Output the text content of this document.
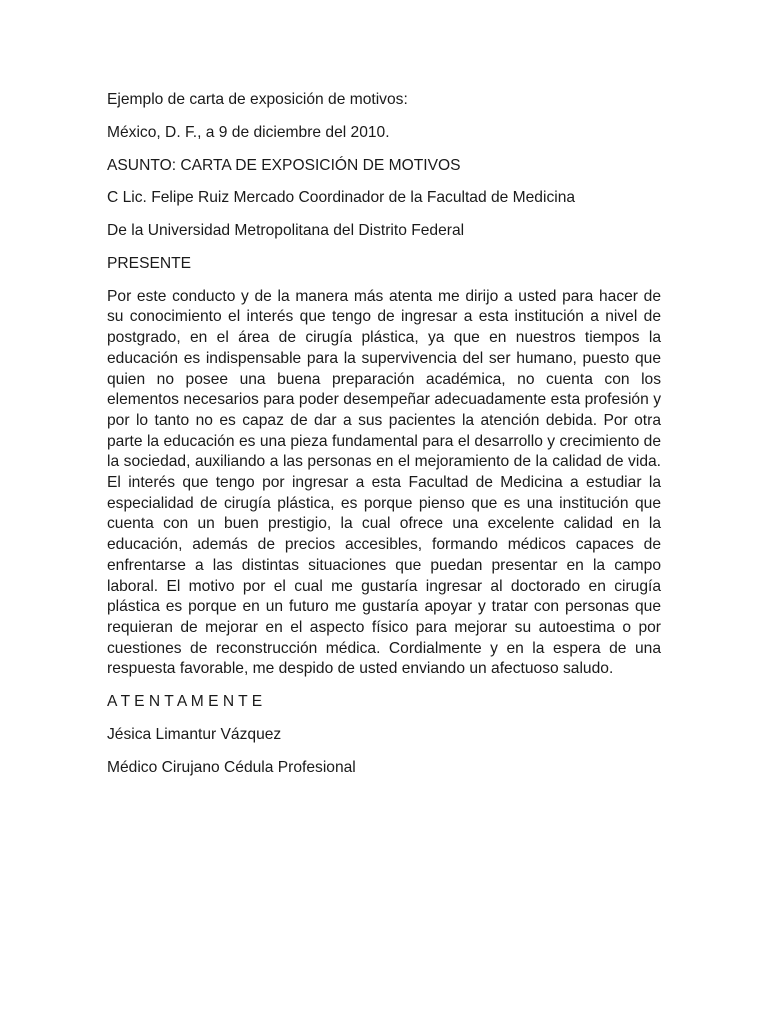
Ejemplo de carta de exposición de motivos:

México, D. F., a 9 de diciembre del 2010.

ASUNTO: CARTA DE EXPOSICIÓN DE MOTIVOS

C Lic. Felipe Ruiz Mercado Coordinador de la Facultad de Medicina

De la Universidad Metropolitana del Distrito Federal

PRESENTE

Por este conducto y de la manera más atenta me dirijo a usted para hacer de su conocimiento el interés que tengo de ingresar a esta institución a nivel de postgrado, en el área de cirugía plástica, ya que en nuestros tiempos la educación es indispensable para la supervivencia del ser humano, puesto que quien no posee una buena preparación académica, no cuenta con los elementos necesarios para poder desempeñar adecuadamente esta profesión y por lo tanto no es capaz de dar a sus pacientes la atención debida. Por otra parte la educación es una pieza fundamental para el desarrollo y crecimiento de la sociedad, auxiliando a las personas en el mejoramiento de la calidad de vida. El interés que tengo por ingresar a esta Facultad de Medicina a estudiar la especialidad de cirugía plástica, es porque pienso que es una institución que cuenta con un buen prestigio, la cual ofrece una excelente calidad en la educación, además de precios accesibles, formando médicos capaces de enfrentarse a las distintas situaciones que puedan presentar en la campo laboral. El motivo por el cual me gustaría ingresar al doctorado en cirugía plástica es porque en un futuro me gustaría apoyar y tratar con personas que requieran de mejorar en el aspecto físico para mejorar su autoestima o por cuestiones de reconstrucción médica. Cordialmente y en la espera de una respuesta favorable, me despido de usted enviando un afectuoso saludo.

A T E N T A M E N T E

Jésica Limantur Vázquez

Médico Cirujano Cédula Profesional
